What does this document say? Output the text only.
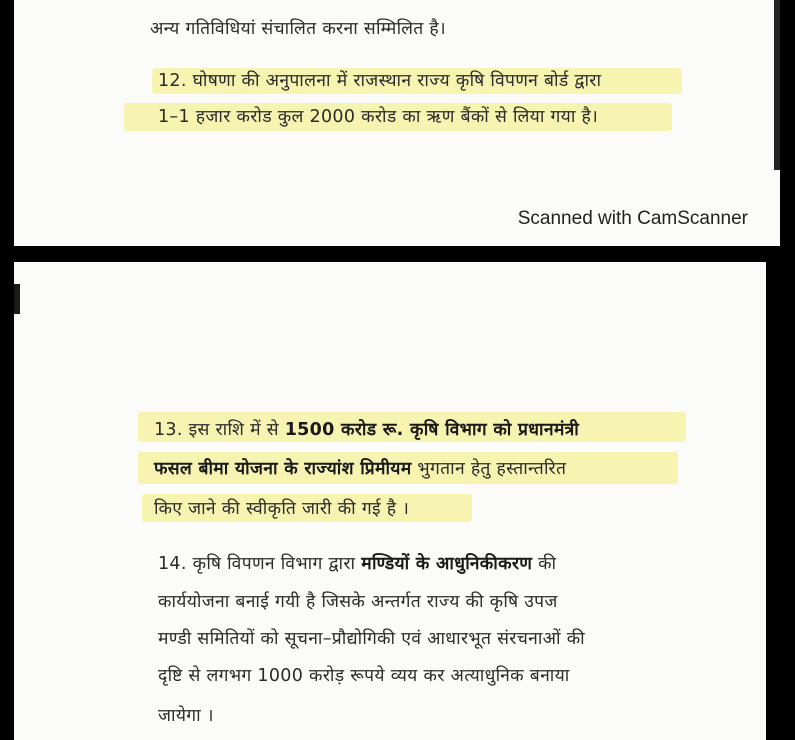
अन्य गतिविधियां संचालित करना सम्मिलित है।
12. घोषणा की अनुपालना में राजस्थान राज्य कृषि विपणन बोर्ड द्वारा
1–1 हजार करोड कुल 2000 करोड का ऋण बैंकों से लिया गया है।
Scanned with CamScanner
13. इस राशि में से 1500 करोड रू. कृषि विभाग को प्रधानमंत्री
फसल बीमा योजना के राज्यांश प्रिमीयम भुगतान हेतु हस्तान्तरित
किए जाने की स्वीकृति जारी की गई है ।
14. कृषि विपणन विभाग द्वारा मण्डियों के आधुनिकीकरण की
कार्ययोजना बनाई गयी है जिसके अन्तर्गत राज्य की कृषि उपज
मण्डी समितियों को सूचना–प्रौद्योगिकी एवं आधारभूत संरचनाओं की
दृष्टि से लगभग 1000 करोड़ रूपये व्यय कर अत्याधुनिक बनाया
जायेगा ।
